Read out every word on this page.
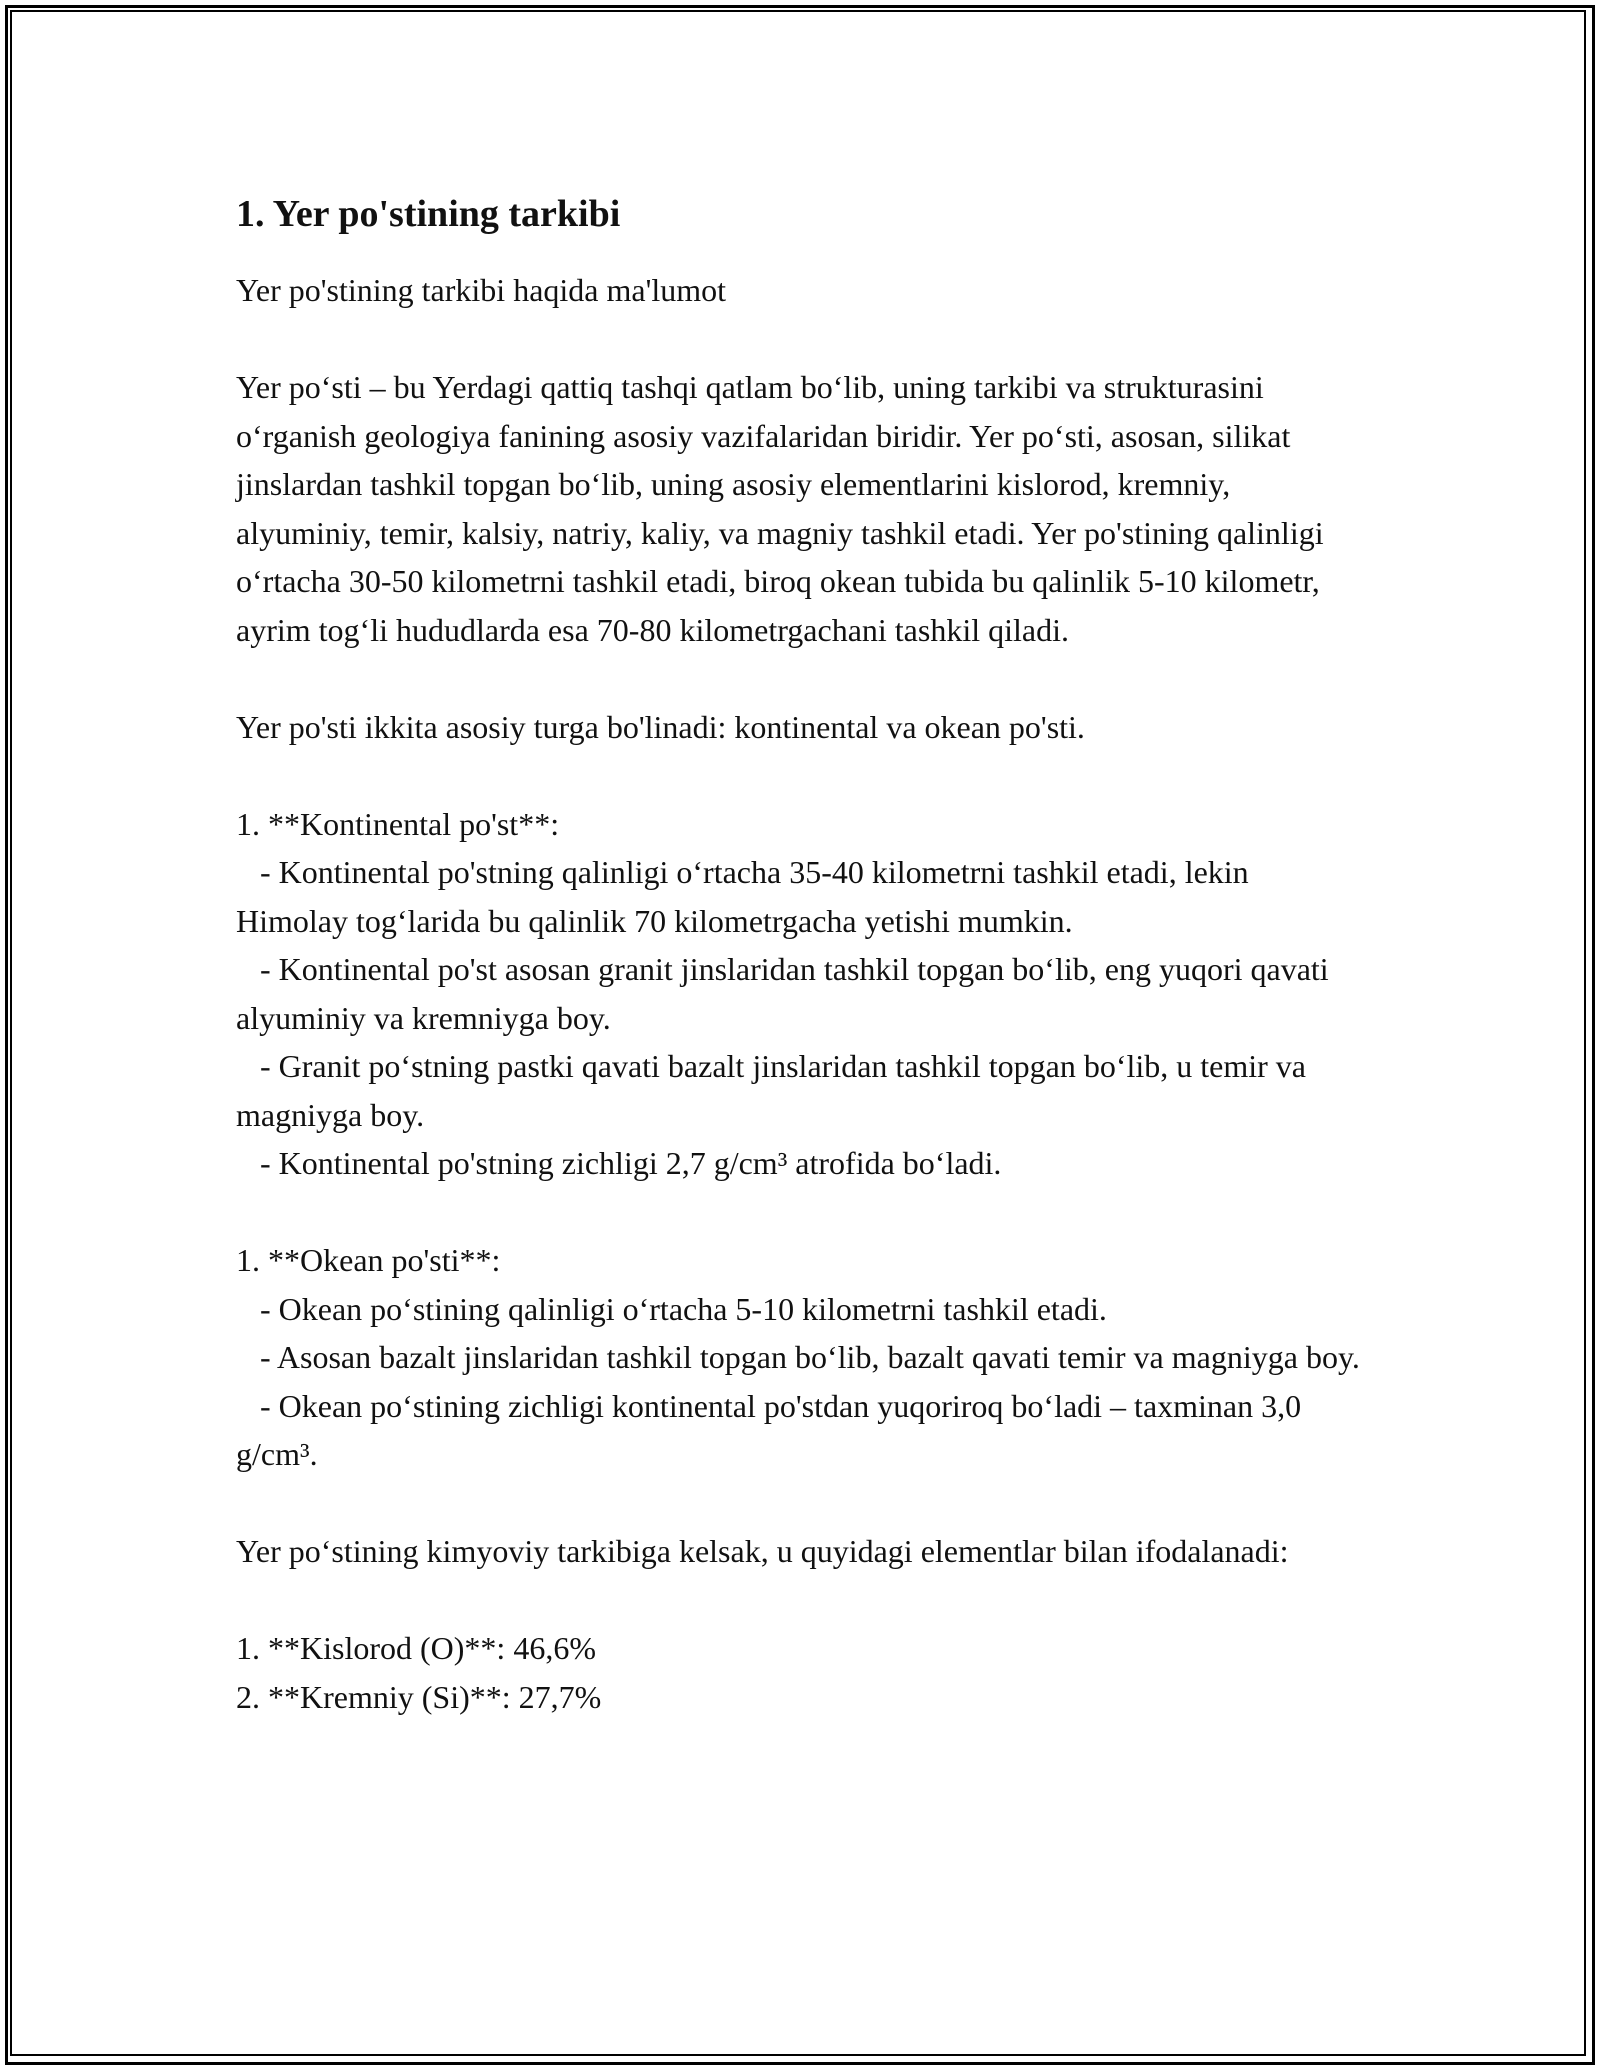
1. Yer po'stining tarkibi

Yer po'stining tarkibi haqida ma'lumot

Yer po‘sti – bu Yerdagi qattiq tashqi qatlam bo‘lib, uning tarkibi va strukturasini o‘rganish geologiya fanining asosiy vazifalaridan biridir. Yer po‘sti, asosan, silikat jinslardan tashkil topgan bo‘lib, uning asosiy elementlarini kislorod, kremniy, alyuminiy, temir, kalsiy, natriy, kaliy, va magniy tashkil etadi. Yer po'stining qalinligi o‘rtacha 30-50 kilometrni tashkil etadi, biroq okean tubida bu qalinlik 5-10 kilometr, ayrim tog‘li hududlarda esa 70-80 kilometrgachani tashkil qiladi.

Yer po'sti ikkita asosiy turga bo'linadi: kontinental va okean po'sti.

1. **Kontinental po'st**:

- Kontinental po'stning qalinligi o‘rtacha 35-40 kilometrni tashkil etadi, lekin Himolay tog‘larida bu qalinlik 70 kilometrgacha yetishi mumkin.

- Kontinental po'st asosan granit jinslaridan tashkil topgan bo‘lib, eng yuqori qavati alyuminiy va kremniyga boy.

- Granit po‘stning pastki qavati bazalt jinslaridan tashkil topgan bo‘lib, u temir va magniyga boy.

- Kontinental po'stning zichligi 2,7 g/cm³ atrofida bo‘ladi.

1. **Okean po'sti**:

- Okean po‘stining qalinligi o‘rtacha 5-10 kilometrni tashkil etadi.

- Asosan bazalt jinslaridan tashkil topgan bo‘lib, bazalt qavati temir va magniyga boy.

- Okean po‘stining zichligi kontinental po'stdan yuqoriroq bo‘ladi – taxminan 3,0 g/cm³.

Yer po‘stining kimyoviy tarkibiga kelsak, u quyidagi elementlar bilan ifodalanadi:

1. **Kislorod (O)**: 46,6%

2. **Kremniy (Si)**: 27,7%
